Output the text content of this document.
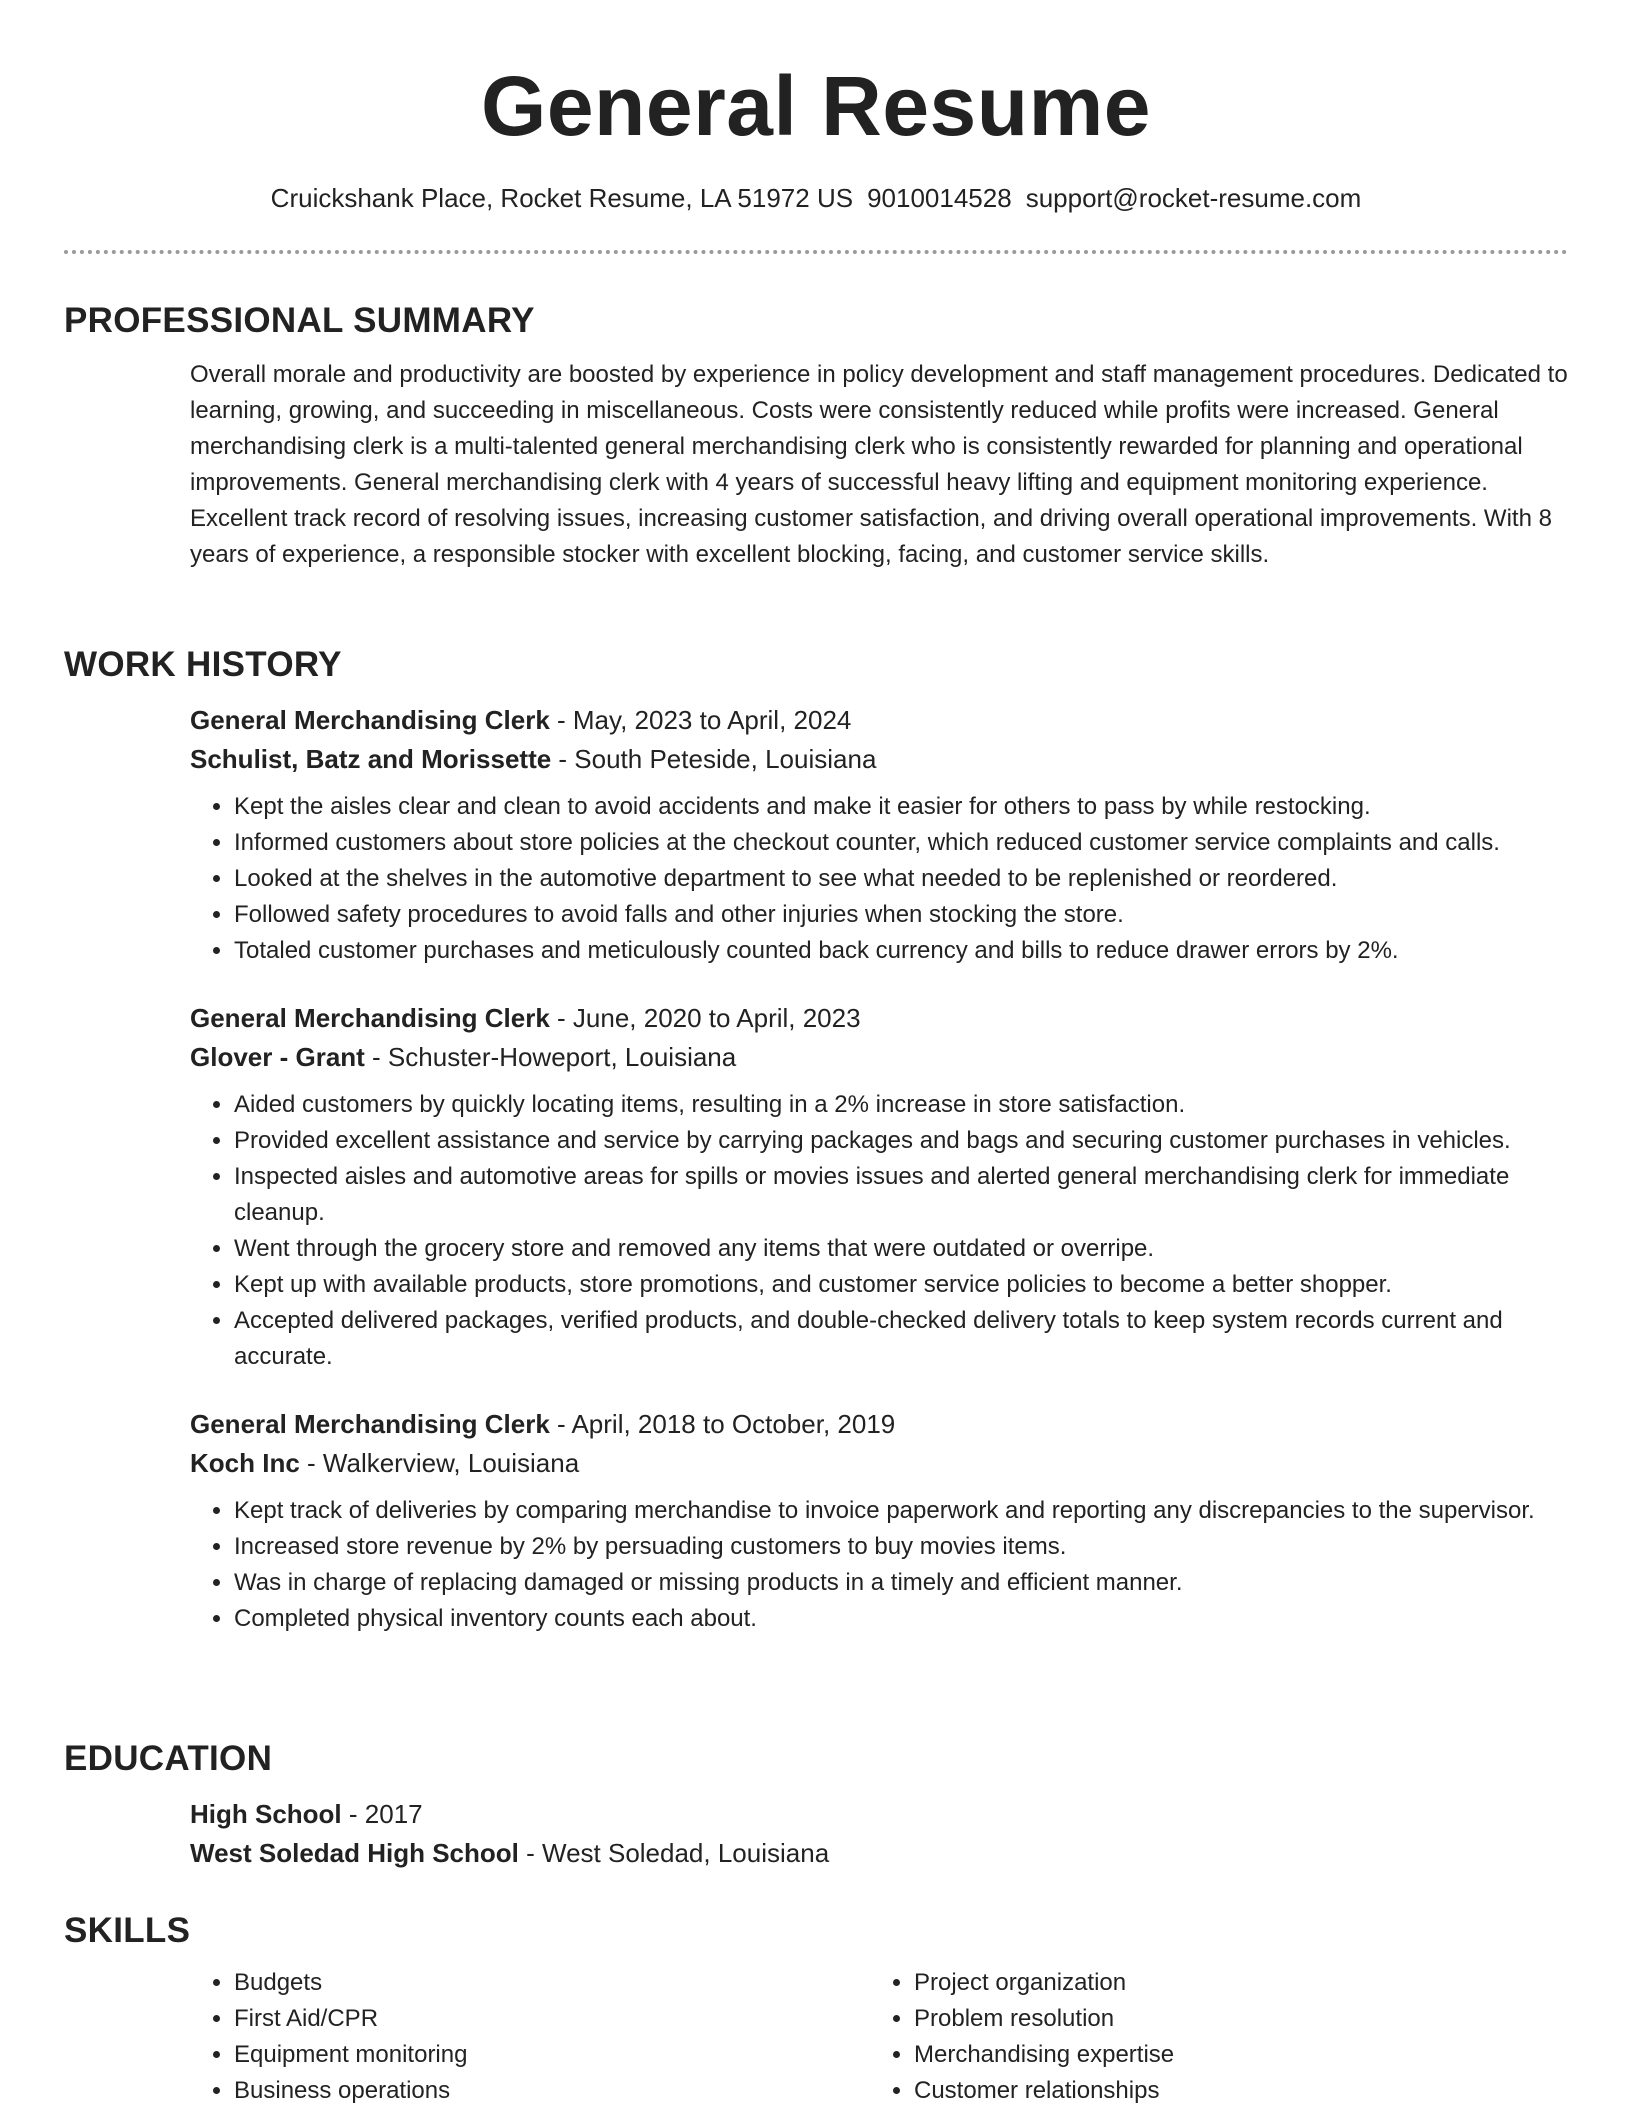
General Resume
Cruickshank Place, Rocket Resume, LA 51972 US 9010014528 support@rocket-resume.com
PROFESSIONAL SUMMARY
Overall morale and productivity are boosted by experience in policy development and staff management procedures. Dedicated to learning, growing, and succeeding in miscellaneous. Costs were consistently reduced while profits were increased. General merchandising clerk is a multi-talented general merchandising clerk who is consistently rewarded for planning and operational improvements. General merchandising clerk with 4 years of successful heavy lifting and equipment monitoring experience. Excellent track record of resolving issues, increasing customer satisfaction, and driving overall operational improvements. With 8 years of experience, a responsible stocker with excellent blocking, facing, and customer service skills.
WORK HISTORY
General Merchandising Clerk - May, 2023 to April, 2024
Schulist, Batz and Morissette - South Peteside, Louisiana
• Kept the aisles clear and clean to avoid accidents and make it easier for others to pass by while restocking.
• Informed customers about store policies at the checkout counter, which reduced customer service complaints and calls.
• Looked at the shelves in the automotive department to see what needed to be replenished or reordered.
• Followed safety procedures to avoid falls and other injuries when stocking the store.
• Totaled customer purchases and meticulously counted back currency and bills to reduce drawer errors by 2%.
General Merchandising Clerk - June, 2020 to April, 2023
Glover - Grant - Schuster-Howeport, Louisiana
• Aided customers by quickly locating items, resulting in a 2% increase in store satisfaction.
• Provided excellent assistance and service by carrying packages and bags and securing customer purchases in vehicles.
• Inspected aisles and automotive areas for spills or movies issues and alerted general merchandising clerk for immediate cleanup.
• Went through the grocery store and removed any items that were outdated or overripe.
• Kept up with available products, store promotions, and customer service policies to become a better shopper.
• Accepted delivered packages, verified products, and double-checked delivery totals to keep system records current and accurate.
General Merchandising Clerk - April, 2018 to October, 2019
Koch Inc - Walkerview, Louisiana
• Kept track of deliveries by comparing merchandise to invoice paperwork and reporting any discrepancies to the supervisor.
• Increased store revenue by 2% by persuading customers to buy movies items.
• Was in charge of replacing damaged or missing products in a timely and efficient manner.
• Completed physical inventory counts each about.
EDUCATION
High School - 2017
West Soledad High School - West Soledad, Louisiana
SKILLS
• Budgets
• First Aid/CPR
• Equipment monitoring
• Business operations
• Project organization
• Problem resolution
• Merchandising expertise
• Customer relationships
